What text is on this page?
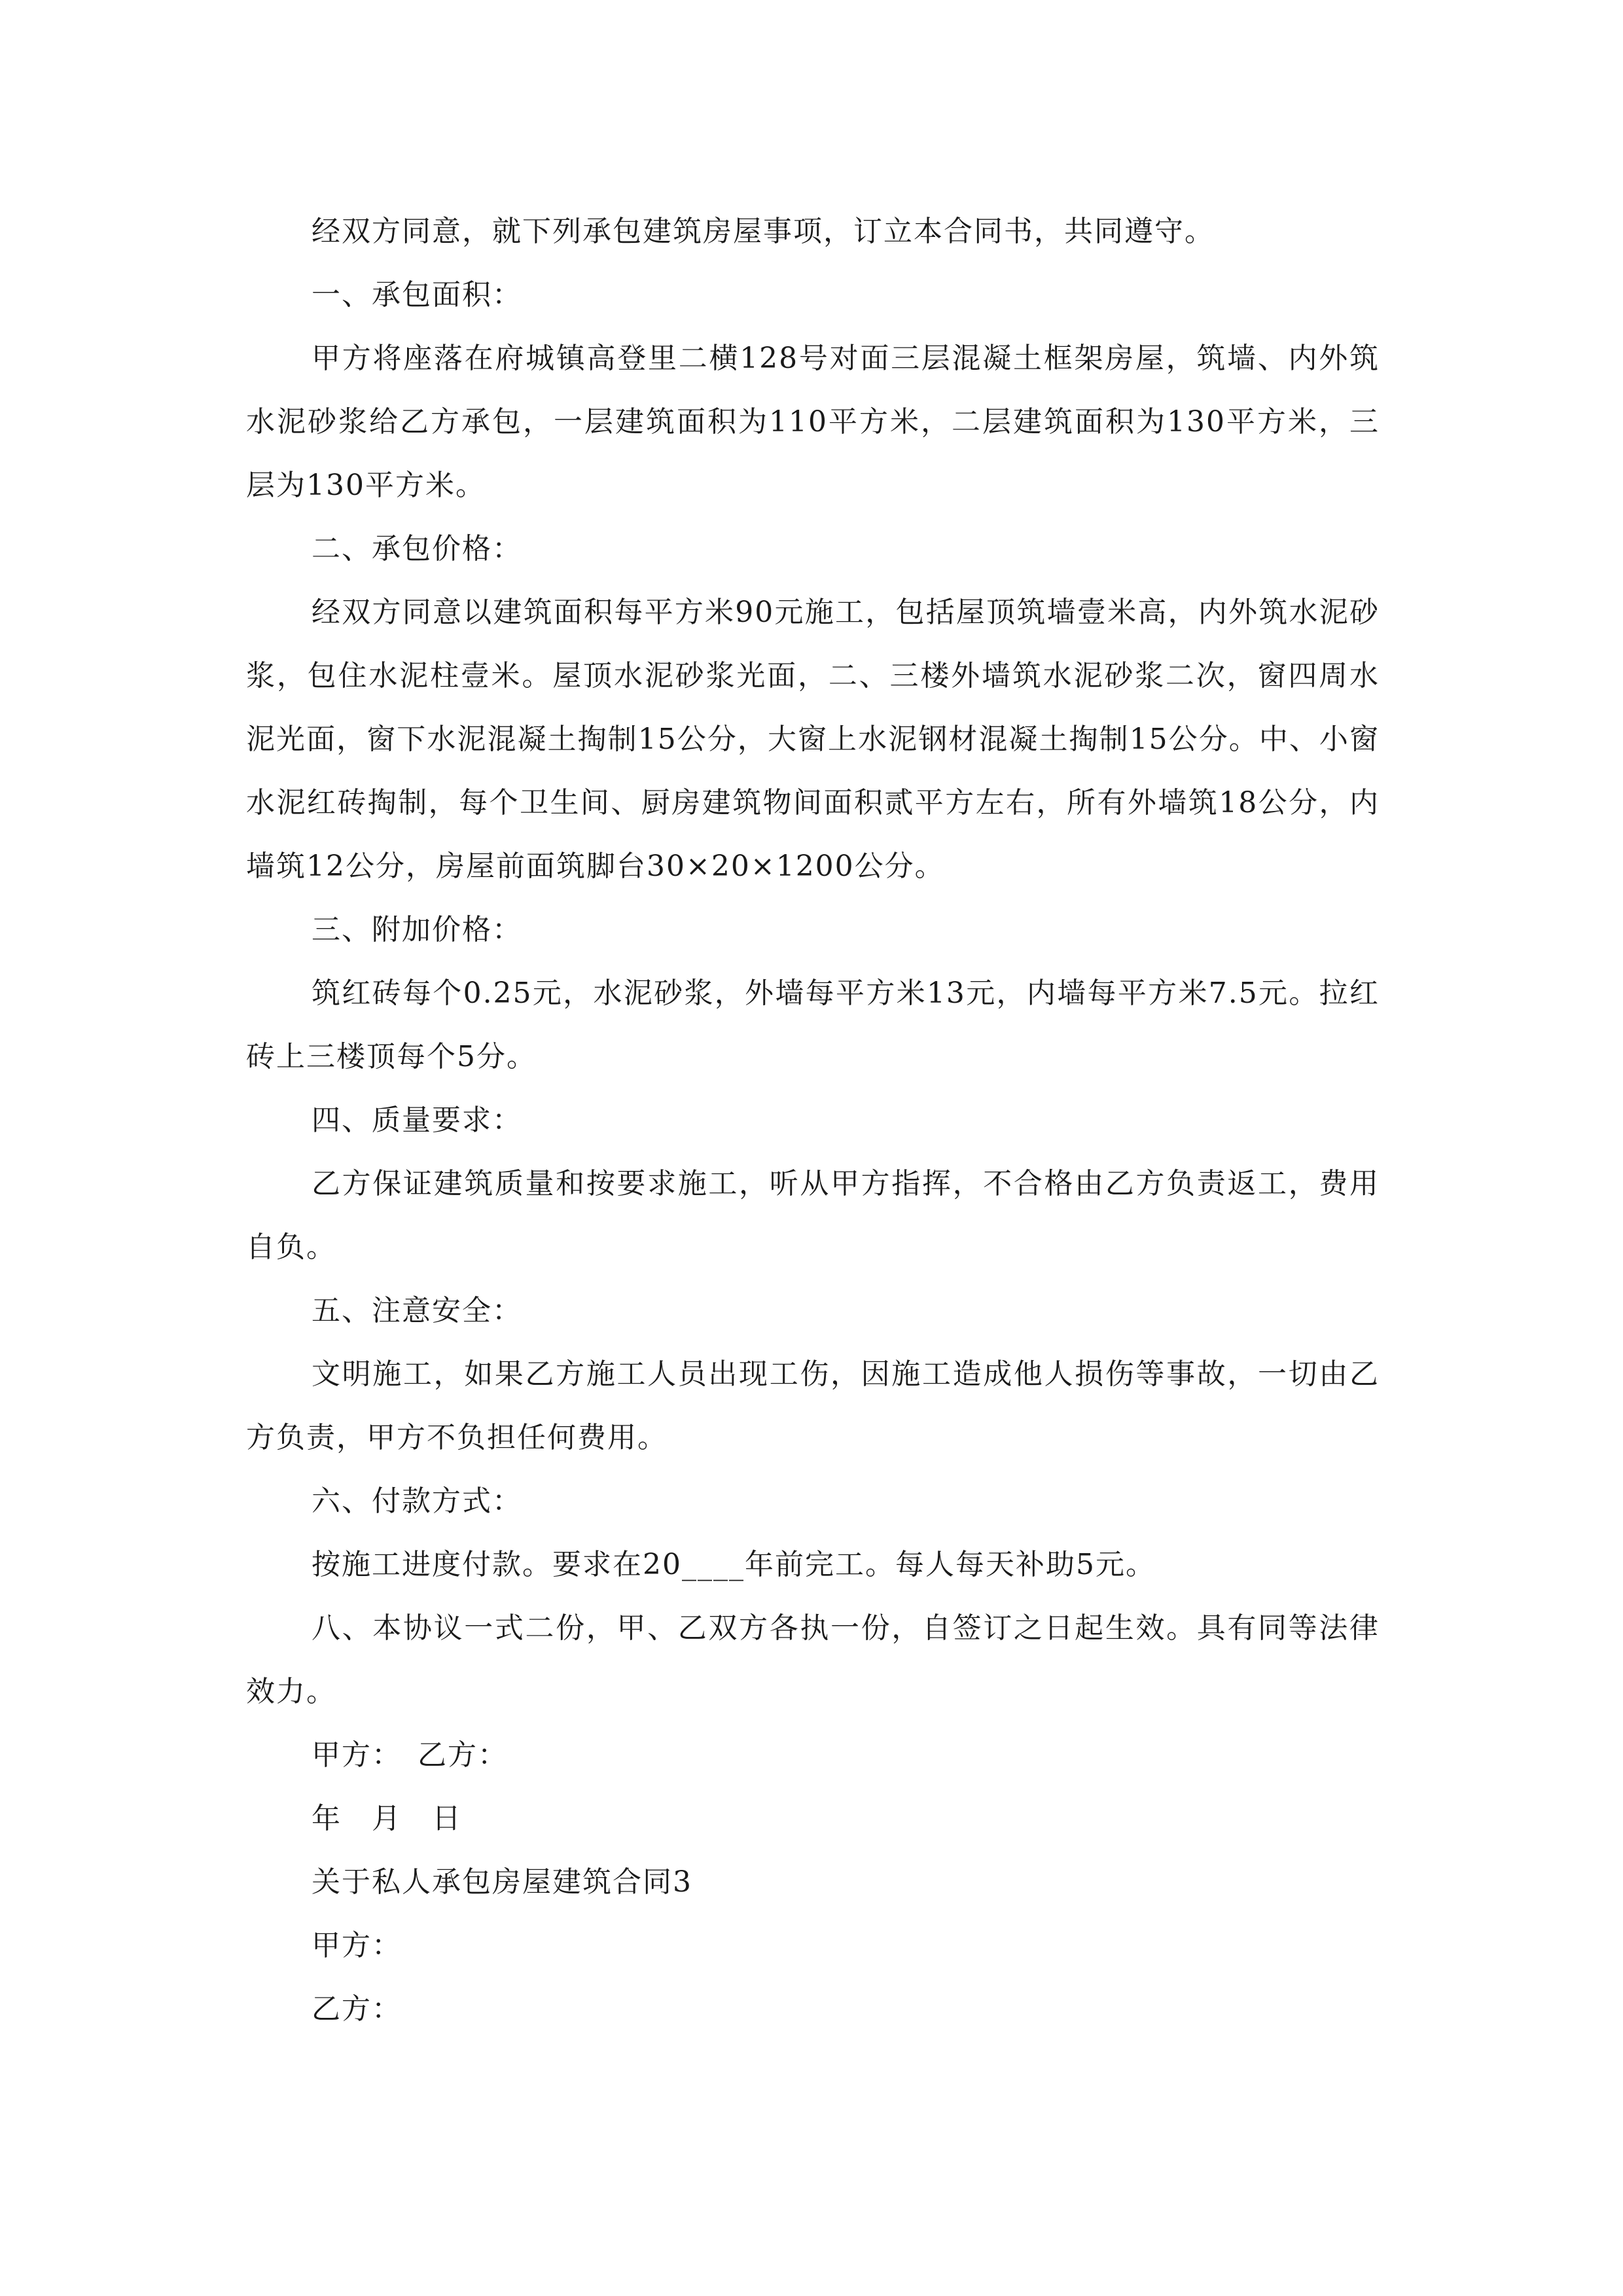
经双方同意，就下列承包建筑房屋事项，订立本合同书，共同遵守。

一、承包面积：

甲方将座落在府城镇高登里二横128号对面三层混凝土框架房屋，筑墙、内外筑水泥砂浆给乙方承包，一层建筑面积为110平方米，二层建筑面积为130平方米，三层为130平方米。

二、承包价格：

经双方同意以建筑面积每平方米90元施工，包括屋顶筑墙壹米高，内外筑水泥砂浆，包住水泥柱壹米。屋顶水泥砂浆光面，二、三楼外墙筑水泥砂浆二次，窗四周水泥光面，窗下水泥混凝土掏制15公分，大窗上水泥钢材混凝土掏制15公分。中、小窗水泥红砖掏制，每个卫生间、厨房建筑物间面积贰平方左右，所有外墙筑18公分，内墙筑12公分，房屋前面筑脚台30×20×1200公分。

三、附加价格：

筑红砖每个0.25元，水泥砂浆，外墙每平方米13元，内墙每平方米7.5元。拉红砖上三楼顶每个5分。

四、质量要求：

乙方保证建筑质量和按要求施工，听从甲方指挥，不合格由乙方负责返工，费用自负。

五、注意安全：

文明施工，如果乙方施工人员出现工伤，因施工造成他人损伤等事故，一切由乙方负责，甲方不负担任何费用。

六、付款方式：

按施工进度付款。要求在20____年前完工。每人每天补助5元。

八、本协议一式二份，甲、乙双方各执一份，自签订之日起生效。具有同等法律效力。

甲方：　乙方：

年　月　日

关于私人承包房屋建筑合同3

甲方：

乙方：
